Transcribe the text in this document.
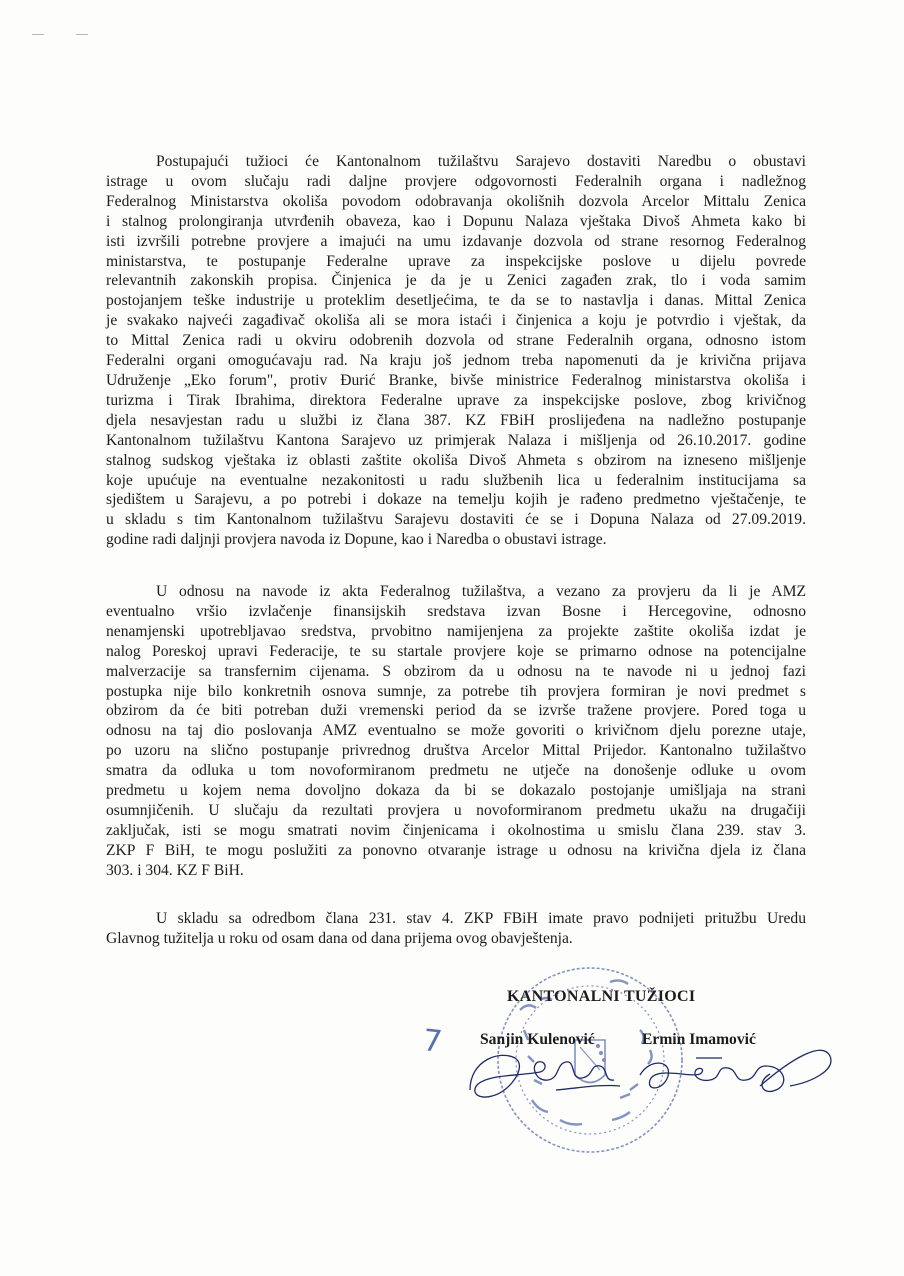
Postupajući tužioci će Kantonalnom tužilaštvu Sarajevo dostaviti Naredbu o obustavi
istrage u ovom slučaju radi daljne provjere odgovornosti Federalnih organa i nadležnog
Federalnog Ministarstva okoliša povodom odobravanja okolišnih dozvola Arcelor Mittalu Zenica
i stalnog prolongiranja utvrđenih obaveza, kao i Dopunu Nalaza vještaka Divoš Ahmeta kako bi
isti izvršili potrebne provjere a imajući na umu izdavanje dozvola od strane resornog Federalnog
ministarstva, te postupanje Federalne uprave za inspekcijske poslove u dijelu povrede
relevantnih zakonskih propisa. Činjenica je da je u Zenici zagađen zrak, tlo i voda samim
postojanjem teške industrije u proteklim desetljećima, te da se to nastavlja i danas. Mittal Zenica
je svakako najveći zagađivač okoliša ali se mora istaći i činjenica a koju je potvrdio i vještak, da
to Mittal Zenica radi u okviru odobrenih dozvola od strane Federalnih organa, odnosno istom
Federalni organi omogućavaju rad. Na kraju još jednom treba napomenuti da je krivična prijava
Udruženje „Eko forum", protiv Đurić Branke, bivše ministrice Federalnog ministarstva okoliša i
turizma i Tirak Ibrahima, direktora Federalne uprave za inspekcijske poslove, zbog krivičnog
djela nesavjestan radu u službi iz člana 387. KZ FBiH proslijeđena na nadležno postupanje
Kantonalnom tužilaštvu Kantona Sarajevo uz primjerak Nalaza i mišljenja od 26.10.2017. godine
stalnog sudskog vještaka iz oblasti zaštite okoliša Divoš Ahmeta s obzirom na izneseno mišljenje
koje upućuje na eventualne nezakonitosti u radu službenih lica u federalnim institucijama sa
sjedištem u Sarajevu, a po potrebi i dokaze na temelju kojih je rađeno predmetno vještačenje, te
u skladu s tim Kantonalnom tužilaštvu Sarajevu dostaviti će se i Dopuna Nalaza od 27.09.2019.
godine radi daljnji provjera navoda iz Dopune, kao i Naredba o obustavi istrage.

U odnosu na navode iz akta Federalnog tužilaštva, a vezano za provjeru da li je AMZ
eventualno vršio izvlačenje finansijskih sredstava izvan Bosne i Hercegovine, odnosno
nenamjenski upotrebljavao sredstva, prvobitno namijenjena za projekte zaštite okoliša izdat je
nalog Poreskoj upravi Federacije, te su startale provjere koje se primarno odnose na potencijalne
malverzacije sa transfernim cijenama. S obzirom da u odnosu na te navode ni u jednoj fazi
postupka nije bilo konkretnih osnova sumnje, za potrebe tih provjera formiran je novi predmet s
obzirom da će biti potreban duži vremenski period da se izvrše tražene provjere. Pored toga u
odnosu na taj dio poslovanja AMZ eventualno se može govoriti o krivičnom djelu porezne utaje,
po uzoru na slično postupanje privrednog društva Arcelor Mittal Prijedor. Kantonalno tužilaštvo
smatra da odluka u tom novoformiranom predmetu ne utječe na donošenje odluke u ovom
predmetu u kojem nema dovoljno dokaza da bi se dokazalo postojanje umišljaja na strani
osumnjičenih. U slučaju da rezultati provjera u novoformiranom predmetu ukažu na drugačiji
zaključak, isti se mogu smatrati novim činjenicama i okolnostima u smislu člana 239. stav 3.
ZKP F BiH, te mogu poslužiti za ponovno otvaranje istrage u odnosu na krivična djela iz člana
303. i 304. KZ F BiH.

U skladu sa odredbom člana 231. stav 4. ZKP FBiH imate pravo podnijeti pritužbu Uredu
Glavnog tužitelja u roku od osam dana od dana prijema ovog obavještenja.

7
KANTONALNI TUŽIOCI
Sanjin Kulenović	Ermin Imamović
